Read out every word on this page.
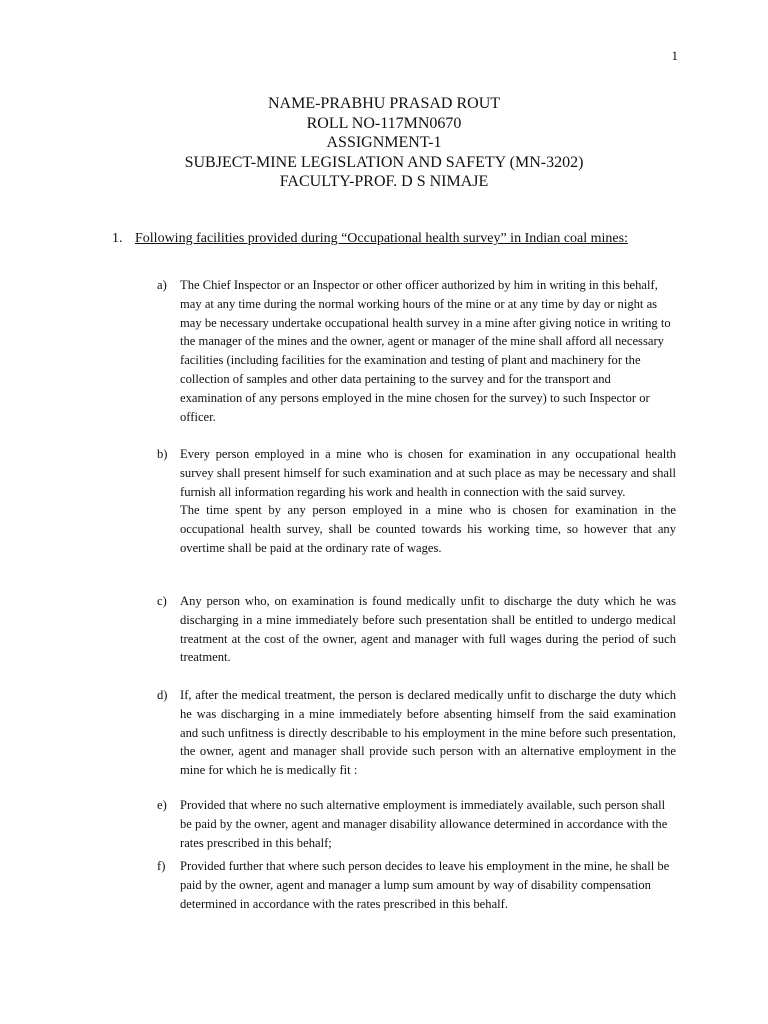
1
NAME-PRABHU PRASAD ROUT
ROLL NO-117MN0670
ASSIGNMENT-1
SUBJECT-MINE LEGISLATION AND SAFETY (MN-3202)
FACULTY-PROF. D S NIMAJE
1. Following facilities provided during “Occupational health survey” in Indian coal mines:
a) The Chief Inspector or an Inspector or other officer authorized by him in writing in this behalf, may at any time during the normal working hours of the mine or at any time by day or night as may be necessary undertake occupational health survey in a mine after giving notice in writing to the manager of the mines and the owner, agent or manager of the mine shall afford all necessary facilities (including facilities for the examination and testing of plant and machinery for the collection of samples and other data pertaining to the survey and for the transport and examination of any persons employed in the mine chosen for the survey) to such Inspector or officer.

b) Every person employed in a mine who is chosen for examination in any occupational health survey shall present himself for such examination and at such place as may be necessary and shall furnish all information regarding his work and health in connection with the said survey.

The time spent by any person employed in a mine who is chosen for examination in the occupational health survey, shall be counted towards his working time, so however that any overtime shall be paid at the ordinary rate of wages.

c) Any person who, on examination is found medically unfit to discharge the duty which he was discharging in a mine immediately before such presentation shall be entitled to undergo medical treatment at the cost of the owner, agent and manager with full wages during the period of such treatment.

d) If, after the medical treatment, the person is declared medically unfit to discharge the duty which he was discharging in a mine immediately before absenting himself from the said examination and such unfitness is directly describable to his employment in the mine before such presentation, the owner, agent and manager shall provide such person with an alternative employment in the mine for which he is medically fit :

e) Provided that where no such alternative employment is immediately available, such person shall be paid by the owner, agent and manager disability allowance determined in accordance with the rates prescribed in this behalf;

f) Provided further that where such person decides to leave his employment in the mine, he shall be paid by the owner, agent and manager a lump sum amount by way of disability compensation determined in accordance with the rates prescribed in this behalf.
